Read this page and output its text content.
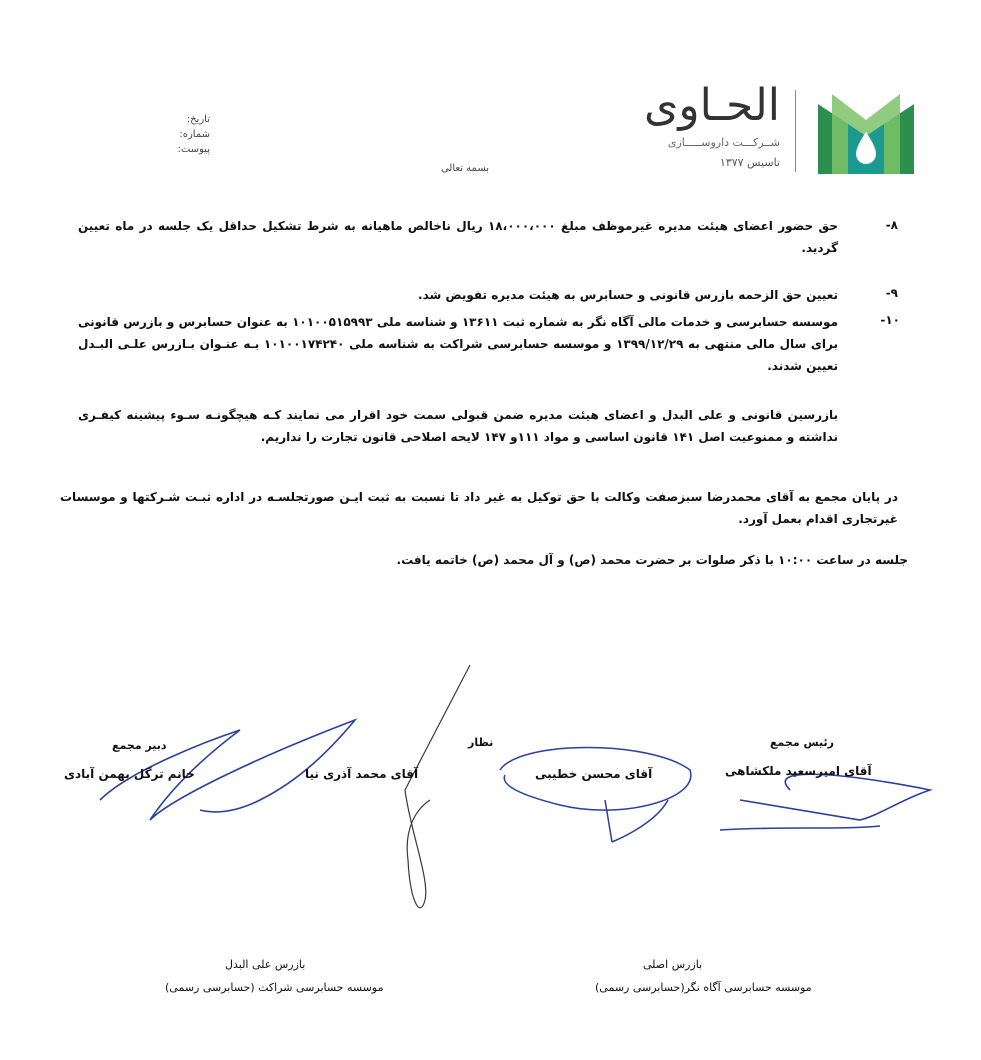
الحـاوی
شــرکـــت داروســـــازی
تاسیس ۱۳۷۷
بسمه تعالی
تاریخ:
شماره:
پیوست:
۸-
حق حضور اعضای هیئت مدیره غیرموظف مبلغ ۱۸،۰۰۰،۰۰۰ ریال ناخالص ماهیانه به شرط تشکیل حداقل یک جلسه در ماه تعیین گردید.
۹-
تعیین حق الزحمه بازرس قانونی و حسابرس به هیئت مدیره تفویض شد.
۱۰-
موسسه حسابرسی و خدمات مالی آگاه نگر به شماره ثبت ۱۳۶۱۱ و شناسه ملی ۱۰۱۰۰۵۱۵۹۹۳ به عنوان حسابرس و بازرس قانونی برای سال مالی منتهی به ۱۳۹۹/۱۲/۲۹ و موسسه حسابرسی شراکت به شناسه ملی ۱۰۱۰۰۱۷۴۲۴۰ بـه عنـوان بـازرس علـی البـدل تعیین شدند.
بازرسین قانونی و علی البدل و اعضای هیئت مدیره ضمن قبولی سمت خود اقرار می نمایند کـه هیچگونـه سـوء پیشینه کیفـری نداشته و ممنوعیت اصل ۱۴۱ قانون اساسی و مواد ۱۱۱و ۱۴۷ لایحه اصلاحی قانون تجارت را نداریم.
در پایان مجمع به آقای محمدرضا سبزصفت وکالت با حق توکیل به غیر داد تا نسبت به ثبت ایـن صورتجلسـه در اداره ثبـت شـرکتها و موسسات غیرتجاری اقدام بعمل آورد.
جلسه در ساعت ۱۰:۰۰ با ذکر صلوات بر حضرت محمد (ص) و آل محمد (ص) خاتمه یافت.
رئیس مجمع
آقای امیرسعید ملکشاهی
نظار
آقای محسن خطیبی
آقای محمد آذری نیا
دبیر مجمع
خانم ترگل بهمن آبادی
بازرس اصلی
موسسه حسابرسی آگاه نگر(حسابرسی رسمی)
بازرس علی البدل
موسسه حسابرسی شراکت (حسابرسی رسمی)
